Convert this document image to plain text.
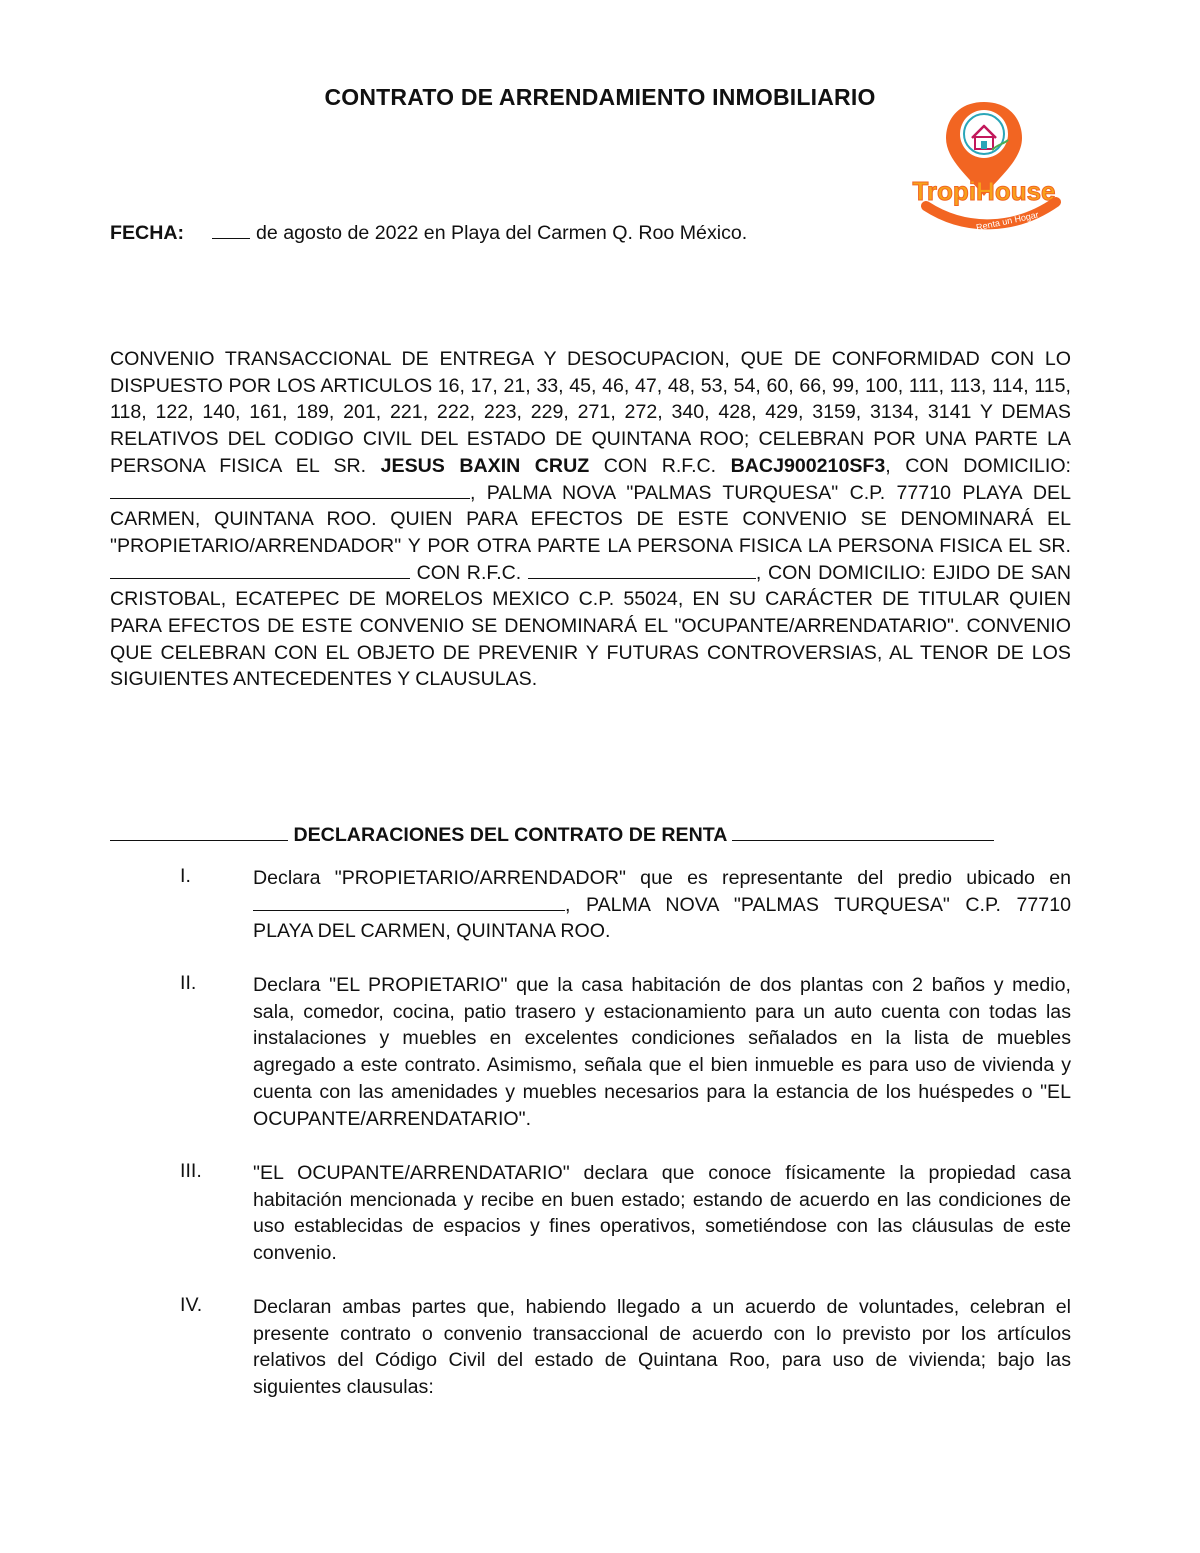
CONTRATO DE ARRENDAMIENTO INMOBILIARIO
TropiHouse
Renta un Hogar
FECHA:	de agosto de 2022 en Playa del Carmen Q. Roo México.
CONVENIO TRANSACCIONAL DE ENTREGA Y DESOCUPACION, QUE DE CONFORMIDAD CON LO DISPUESTO POR LOS ARTICULOS 16, 17, 21, 33, 45, 46, 47, 48, 53, 54, 60, 66, 99, 100, 111, 113, 114, 115, 118, 122, 140, 161, 189, 201, 221, 222, 223, 229, 271, 272, 340, 428, 429, 3159, 3134, 3141 Y DEMAS RELATIVOS DEL CODIGO CIVIL DEL ESTADO DE QUINTANA ROO; CELEBRAN POR UNA PARTE LA PERSONA FISICA EL SR. JESUS BAXIN CRUZ CON R.F.C. BACJ900210SF3, CON DOMICILIO: , PALMA NOVA "PALMAS TURQUESA" C.P. 77710 PLAYA DEL CARMEN, QUINTANA ROO. QUIEN PARA EFECTOS DE ESTE CONVENIO SE DENOMINARÁ EL "PROPIETARIO/ARRENDADOR" Y POR OTRA PARTE LA PERSONA FISICA LA PERSONA FISICA EL SR.  CON R.F.C.	, CON DOMICILIO: EJIDO DE SAN CRISTOBAL, ECATEPEC DE MORELOS MEXICO C.P. 55024, EN SU CARÁCTER DE TITULAR QUIEN PARA EFECTOS DE ESTE CONVENIO SE DENOMINARÁ EL "OCUPANTE/ARRENDATARIO". CONVENIO QUE CELEBRAN CON EL OBJETO DE PREVENIR Y FUTURAS CONTROVERSIAS, AL TENOR DE LOS SIGUIENTES ANTECEDENTES Y CLAUSULAS.
DECLARACIONES DEL CONTRATO DE RENTA
I.	Declara "PROPIETARIO/ARRENDADOR" que es representante del predio ubicado en , PALMA NOVA "PALMAS TURQUESA" C.P. 77710 PLAYA DEL CARMEN, QUINTANA ROO.
II.	Declara "EL PROPIETARIO" que la casa habitación de dos plantas con 2 baños y medio, sala, comedor, cocina, patio trasero y estacionamiento para un auto cuenta con todas las instalaciones y muebles en excelentes condiciones señalados en la lista de muebles agregado a este contrato. Asimismo, señala que el bien inmueble es para uso de vivienda y cuenta con las amenidades y muebles necesarios para la estancia de los huéspedes o "EL OCUPANTE/ARRENDATARIO".
III.	"EL OCUPANTE/ARRENDATARIO" declara que conoce físicamente la propiedad casa habitación mencionada y recibe en buen estado; estando de acuerdo en las condiciones de uso establecidas de espacios y fines operativos, sometiéndose con las cláusulas de este convenio.
IV.	Declaran ambas partes que, habiendo llegado a un acuerdo de voluntades, celebran el presente contrato o convenio transaccional de acuerdo con lo previsto por los artículos relativos del Código Civil del estado de Quintana Roo, para uso de vivienda; bajo las siguientes clausulas:
